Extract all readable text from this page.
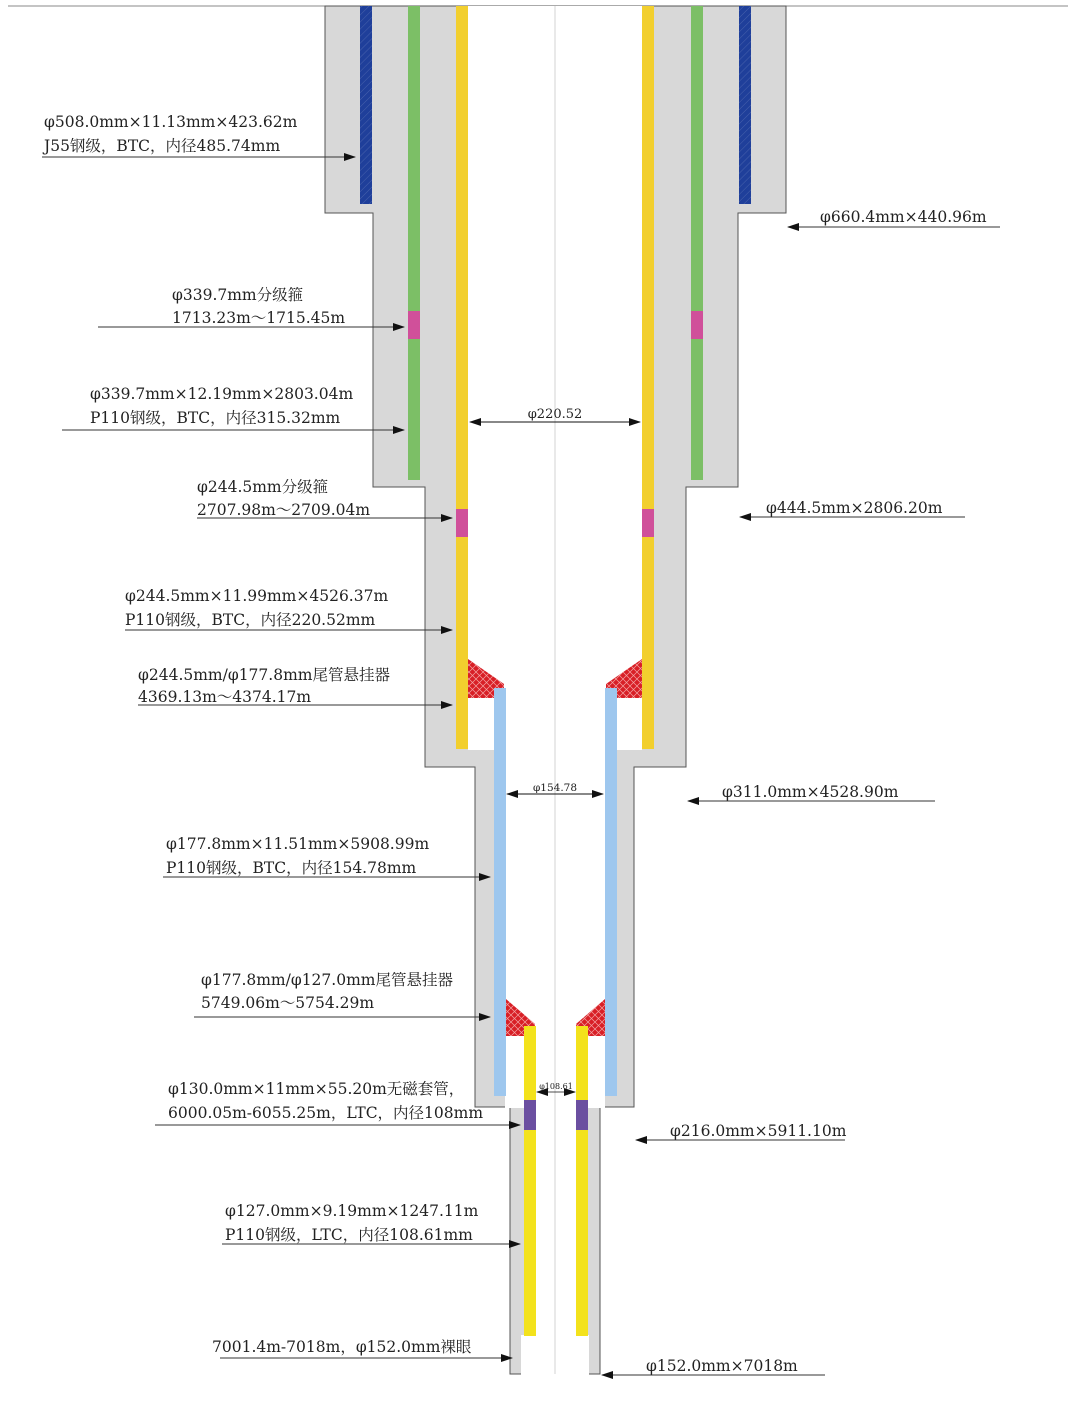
φ220.52
φ154.78
φ108.61
φ508.0mm×11.13mm×423.62m
J55钢级，BTC，内径485.74mm
φ339.7mm分级箍
1713.23m～1715.45m
φ339.7mm×12.19mm×2803.04m
P110钢级，BTC，内径315.32mm
φ244.5mm分级箍
2707.98m～2709.04m
φ244.5mm×11.99mm×4526.37m
P110钢级，BTC，内径220.52mm
φ244.5mm/φ177.8mm尾管悬挂器
4369.13m～4374.17m
φ177.8mm×11.51mm×5908.99m
P110钢级，BTC，内径154.78mm
φ177.8mm/φ127.0mm尾管悬挂器
5749.06m～5754.29m
φ130.0mm×11mm×55.20m无磁套管，
6000.05m-6055.25m，LTC，内径108mm
φ127.0mm×9.19mm×1247.11m
P110钢级，LTC，内径108.61mm
7001.4m-7018m，φ152.0mm裸眼
φ660.4mm×440.96m
φ444.5mm×2806.20m
φ311.0mm×4528.90m
φ216.0mm×5911.10m
φ152.0mm×7018m
